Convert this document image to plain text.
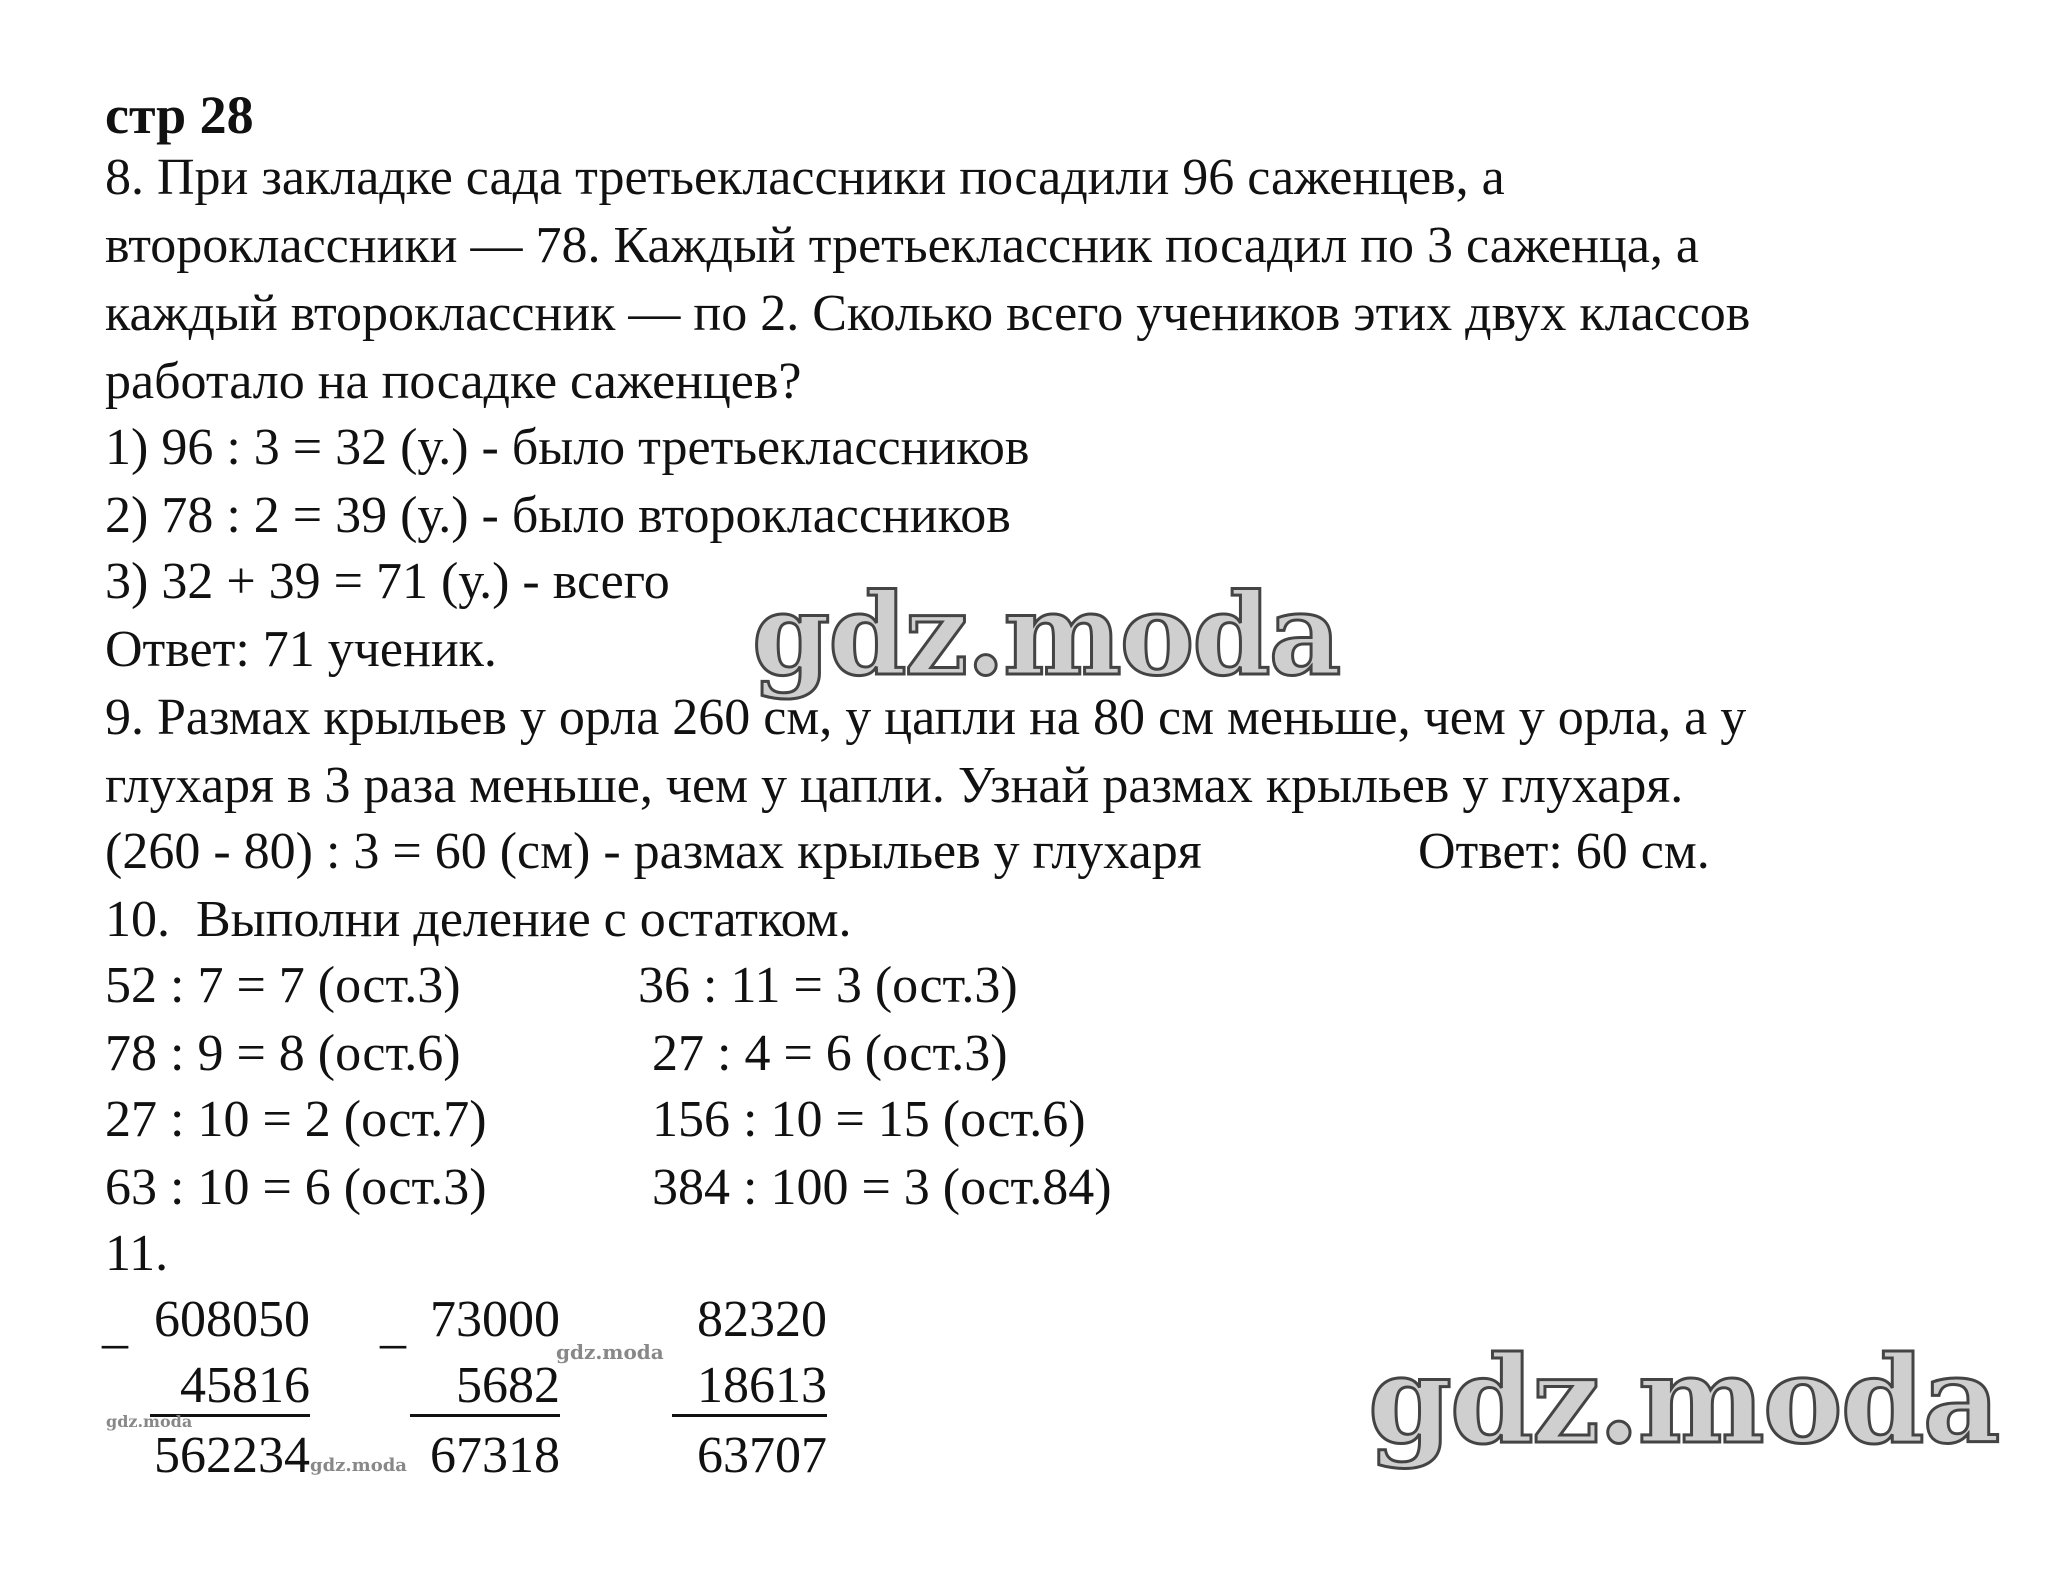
стр 28
8. При закладке сада третьеклассники посадили 96 саженцев, а
второклассники — 78. Каждый третьеклассник посадил по 3 саженца, а
каждый второклассник — по 2. Сколько всего учеников этих двух классов
работало на посадке саженцев?
1) 96 : 3 = 32 (у.) - было третьеклассников
2) 78 : 2 = 39 (у.) - было второклассников
3) 32 + 39 = 71 (у.) - всего
Ответ: 71 ученик.
9. Размах крыльев у орла 260 см, у цапли на 80 см меньше, чем у орла, а у
глухаря в 3 раза меньше, чем у цапли. Узнай размах крыльев у глухаря.
(260 - 80) : 3 = 60 (см) - размах крыльев у глухаря	Ответ: 60 см.
10.  Выполни деление с остатком.
52 : 7 = 7 (ост.3)
78 : 9 = 8 (ост.6)
27 : 10 = 2 (ост.7)
63 : 10 = 6 (ост.3)
36 : 11 = 3 (ост.3)
27 : 4 = 6 (ост.3)
156 : 10 = 15 (ост.6)
384 : 100 = 3 (ост.84)
11.
_ 608050
45816
562234
_ 73000
5682
67318
82320
18613
63707
gdz.moda
gdz.moda
gdz.moda
gdz.moda
gdz.moda
